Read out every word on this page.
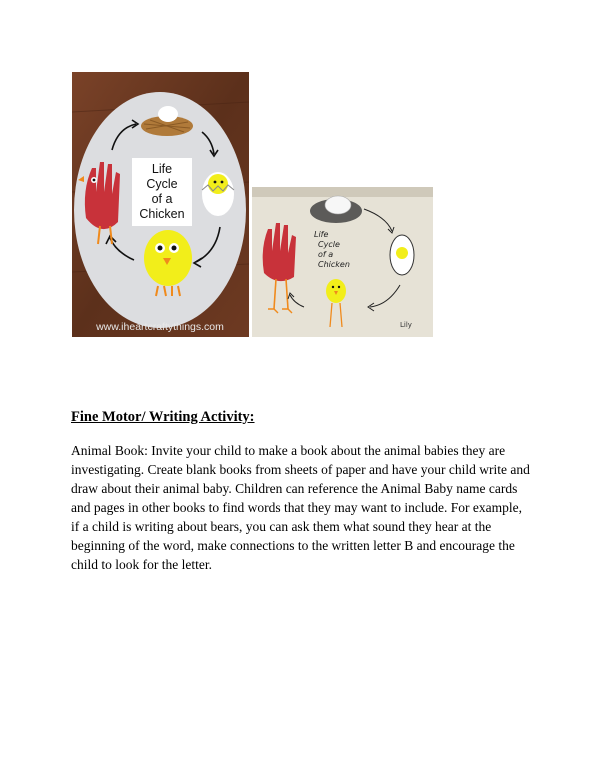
Life
Cycle
of a
Chicken
www.iheartcraftythings.com
Life
Cycle
of a
Chicken
Lily
Fine Motor/ Writing Activity:
Animal Book: Invite your child to make a book about the animal babies they are investigating. Create blank books from sheets of paper and have your child write and draw about their animal baby. Children can reference the Animal Baby name cards and pages in other books to find words that they may want to include. For example, if a child is writing about bears, you can ask them what sound they hear at the beginning of the word, make connections to the written letter B and encourage the child to look for the letter.
